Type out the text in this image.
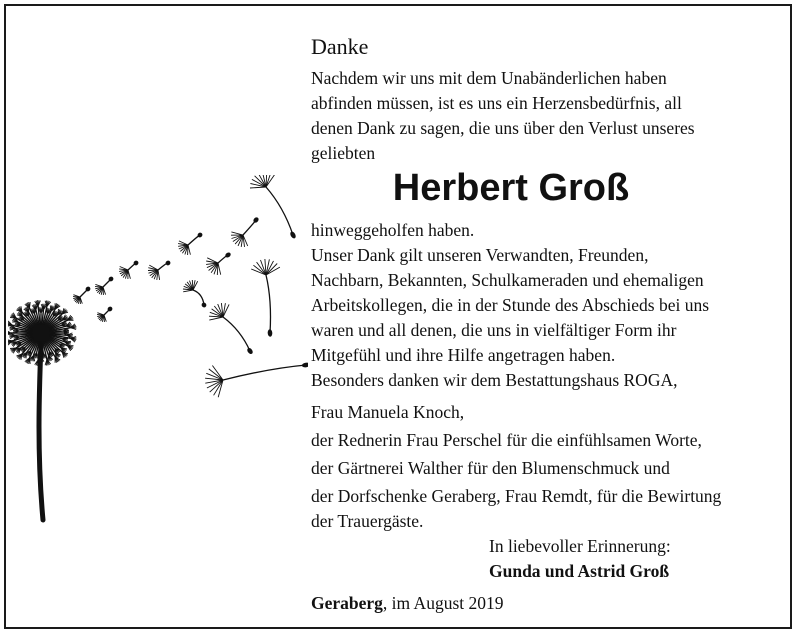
Danke

Nachdem wir uns mit dem Unabänderlichen haben
abfinden müssen, ist es uns ein Herzensbedürfnis, all
denen Dank zu sagen, die uns über den Verlust unseres
geliebten

Herbert Groß

hinweggeholfen haben.
Unser Dank gilt unseren Verwandten, Freunden,
Nachbarn, Bekannten, Schulkameraden und ehemaligen
Arbeitskollegen, die in der Stunde des Abschieds bei uns
waren und all denen, die uns in vielfältiger Form ihr
Mitgefühl und ihre Hilfe angetragen haben.
Besonders danken wir dem Bestattungshaus ROGA,

Frau Manuela Knoch,
der Rednerin Frau Perschel für die einfühlsamen Worte,
der Gärtnerei Walther für den Blumenschmuck und
der Dorfschenke Geraberg, Frau Remdt, für die Bewirtung
der Trauergäste.

In liebevoller Erinnerung:
Gunda und Astrid Groß

Geraberg, im August 2019
